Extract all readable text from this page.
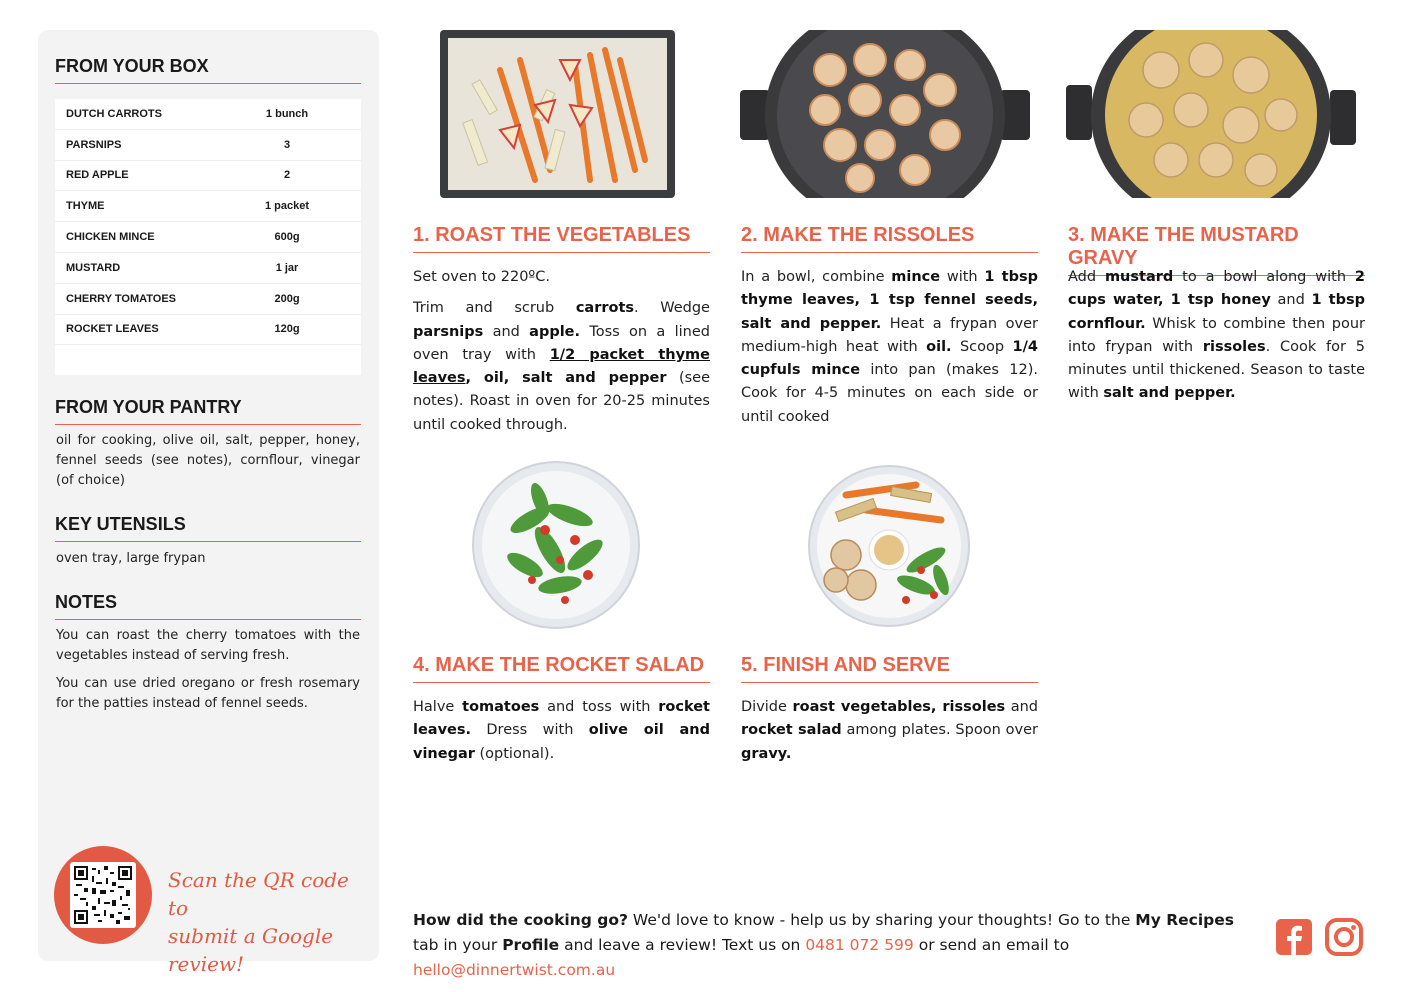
FROM YOUR BOX
DUTCH CARROTS	1 bunch
PARSNIPS	3
RED APPLE	2
THYME	1 packet
CHICKEN MINCE	600g
MUSTARD	1 jar
CHERRY TOMATOES	200g
ROCKET LEAVES	120g
FROM YOUR PANTRY
oil for cooking, olive oil, salt, pepper, honey, fennel seeds (see notes), cornflour, vinegar (of choice)
KEY UTENSILS
oven tray, large frypan
NOTES

You can roast the cherry tomatoes with the vegetables instead of serving fresh.

You can use dried oregano or fresh rosemary for the patties instead of fennel seeds.

Scan the QR code to
submit a Google review!
1. ROAST THE VEGETABLES

Set oven to 220ºC.

Trim and scrub carrots. Wedge parsnips and apple. Toss on a lined oven tray with 1/2 packet thyme leaves, oil, salt and pepper (see notes). Roast in oven for 20-25 minutes until cooked through.

2. MAKE THE RISSOLES

In a bowl, combine mince with 1 tbsp thyme leaves, 1 tsp fennel seeds, salt and pepper. Heat a frypan over medium-high heat with oil. Scoop 1/4 cupfuls mince into pan (makes 12). Cook for 4-5 minutes on each side or until cooked

3. MAKE THE MUSTARD GRAVY

Add mustard to a bowl along with 2 cups water, 1 tsp honey and 1 tbsp cornflour. Whisk to combine then pour into frypan with rissoles. Cook for 5 minutes until thickened. Season to taste with salt and pepper.

4. MAKE THE ROCKET SALAD

Halve tomatoes and toss with rocket leaves. Dress with olive oil and vinegar (optional).

5. FINISH AND SERVE

Divide roast vegetables, rissoles and rocket salad among plates. Spoon over gravy.

How did the cooking go? We'd love to know - help us by sharing your thoughts! Go to the My Recipes tab in your Profile and leave a review! Text us on 0481 072 599 or send an email to hello@dinnertwist.com.au
